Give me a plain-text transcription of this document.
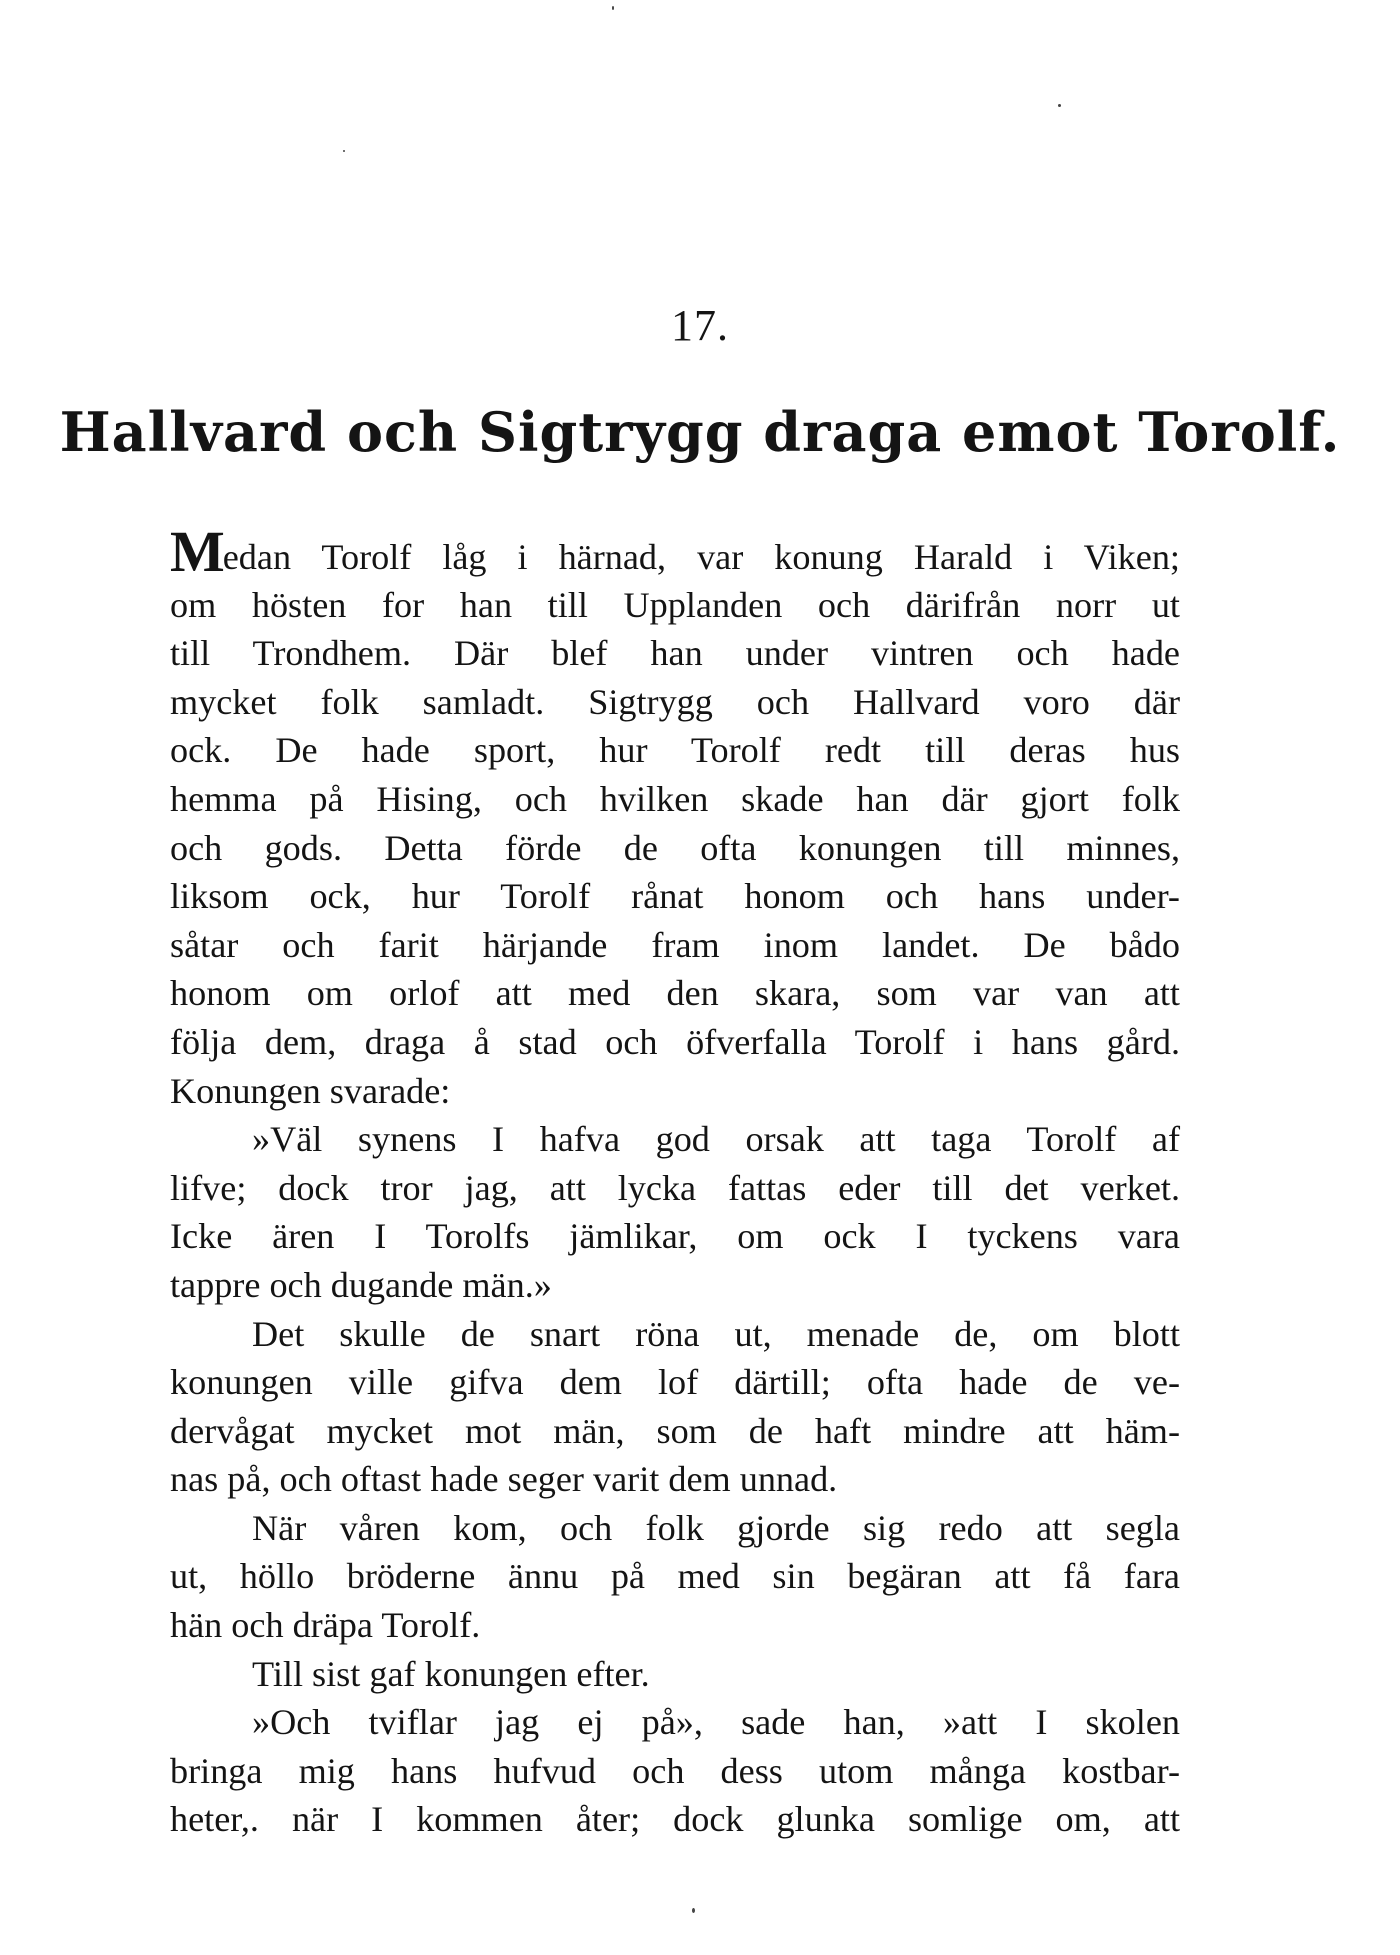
17.
Hallvard och Sigtrygg draga emot Torolf.
Medan Torolf låg i härnad, var konung Harald i Viken;
om hösten for han till Upplanden och därifrån norr ut
till Trondhem. Där blef han under vintren och hade
mycket folk samladt. Sigtrygg och Hallvard voro där
ock. De hade sport, hur Torolf redt till deras hus
hemma på Hising, och hvilken skade han där gjort folk
och gods. Detta förde de ofta konungen till minnes,
liksom ock, hur Torolf rånat honom och hans under-
såtar och farit härjande fram inom landet. De bådo
honom om orlof att med den skara, som var van att
följa dem, draga å stad och öfverfalla Torolf i hans gård.
Konungen svarade:
»Väl synens I hafva god orsak att taga Torolf af
lifve; dock tror jag, att lycka fattas eder till det verket.
Icke ären I Torolfs jämlikar, om ock I tyckens vara
tappre och dugande män.»
Det skulle de snart röna ut, menade de, om blott
konungen ville gifva dem lof därtill; ofta hade de ve-
dervågat mycket mot män, som de haft mindre att häm-
nas på, och oftast hade seger varit dem unnad.
När våren kom, och folk gjorde sig redo att segla
ut, höllo bröderne ännu på med sin begäran att få fara
hän och dräpa Torolf.
Till sist gaf konungen efter.
»Och tviflar jag ej på», sade han, »att I skolen
bringa mig hans hufvud och dess utom många kostbar-
heter,. när I kommen åter; dock glunka somlige om, att
